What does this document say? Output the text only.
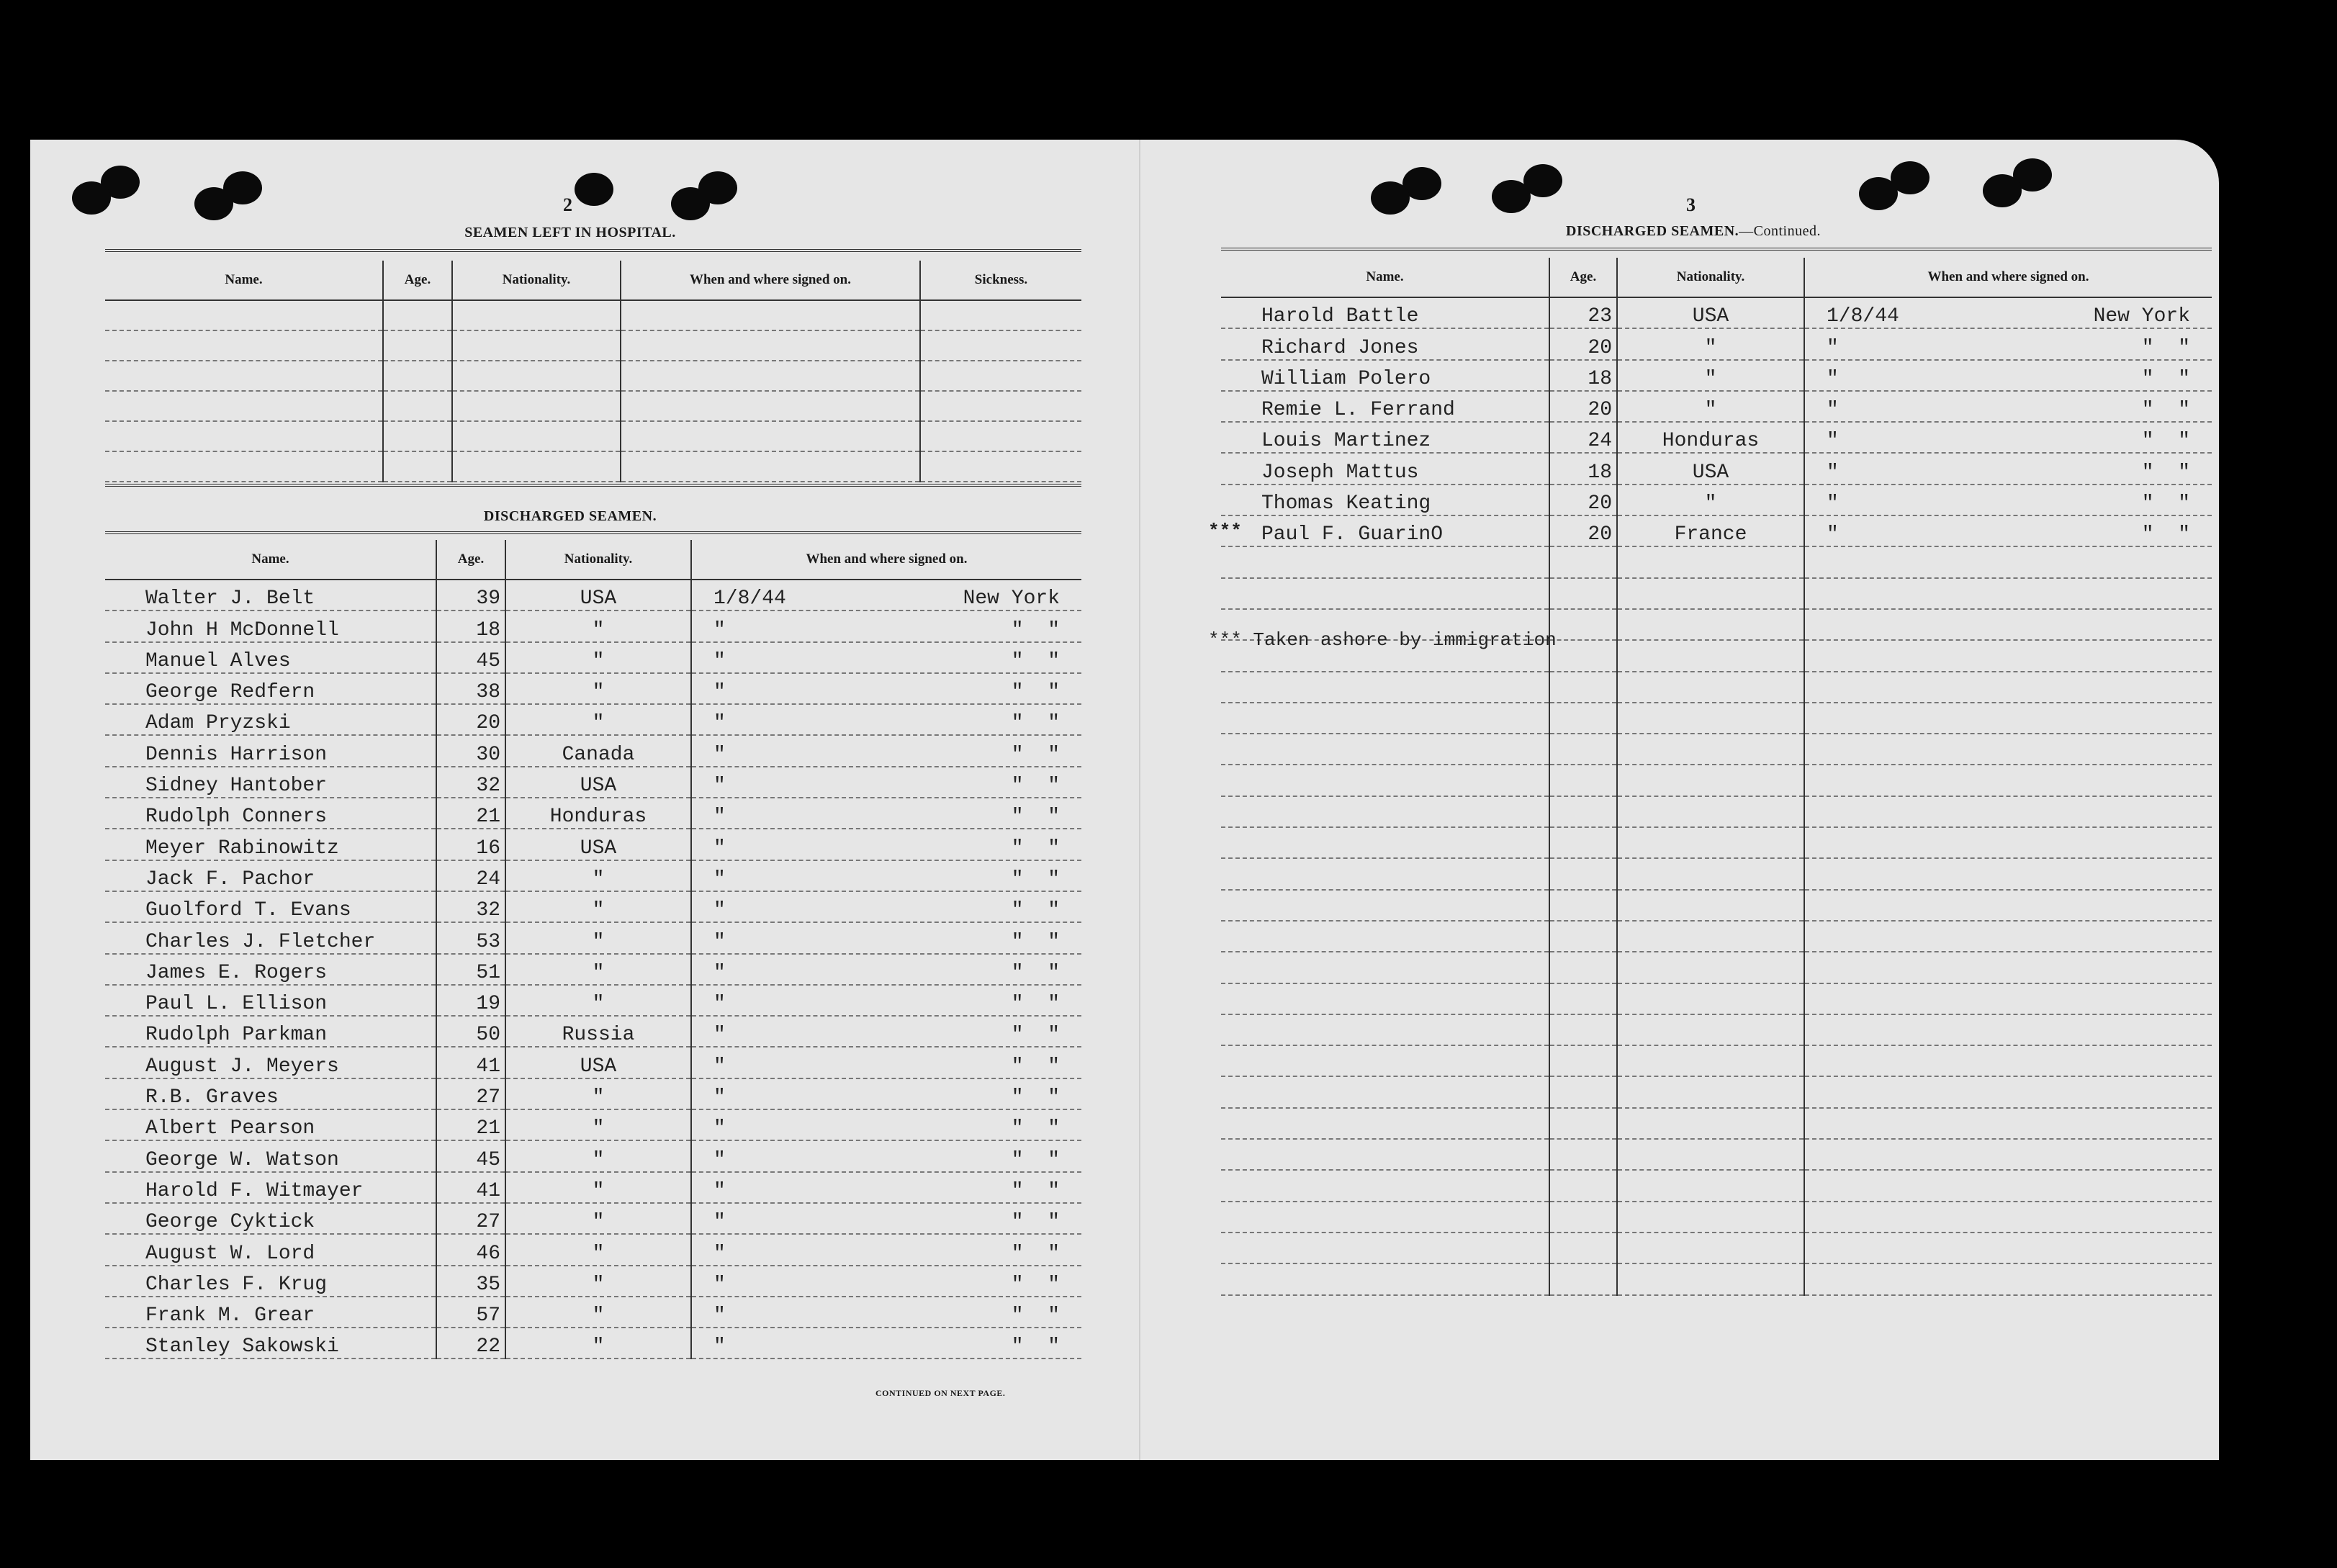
2
SEAMEN LEFT IN HOSPITAL.
Name.	Age.	Nationality.	When and where signed on.	Sickness.

DISCHARGED SEAMEN.
Name.	Age.	Nationality.	When and where signed on.
Walter J. Belt	39	USA	1/8/44 New York

John H McDonnell	18	"	" "  "

Manuel Alves	45	"	" "  "

George Redfern	38	"	" "  "

Adam Pryzski	20	"	" "  "

Dennis Harrison	30	Canada	" "  "

Sidney Hantober	32	USA	" "  "

Rudolph Conners	21	Honduras	" "  "

Meyer Rabinowitz	16	USA	" "  "

Jack F. Pachor	24	"	" "  "

Guolford T. Evans	32	"	" "  "

Charles J. Fletcher	53	"	" "  "

James E. Rogers	51	"	" "  "

Paul L. Ellison	19	"	" "  "

Rudolph Parkman	50	Russia	" "  "

August J. Meyers	41	USA	" "  "

R.B. Graves	27	"	" "  "

Albert Pearson	21	"	" "  "

George W. Watson	45	"	" "  "

Harold F. Witmayer	41	"	" "  "

George Cyktick	27	"	" "  "

August W. Lord	46	"	" "  "

Charles F. Krug	35	"	" "  "

Frank M. Grear	57	"	" "  "

Stanley Sakowski	22	"	" "  "
CONTINUED ON NEXT PAGE.
3
DISCHARGED SEAMEN.—Continued.
Name.	Age.	Nationality.	When and where signed on.
Harold Battle	23	USA	1/8/44 New York

Richard Jones	20	"	" "  "

William Polero	18	"	" "  "

Remie L. Ferrand	20	"	" "  "

Louis Martinez	24	Honduras	" "  "

Joseph Mattus	18	USA	" "  "

Thomas Keating	20	"	" "  "

Paul F. GuarinO	20	France	" "  "

*** Taken ashore by immigration
***
